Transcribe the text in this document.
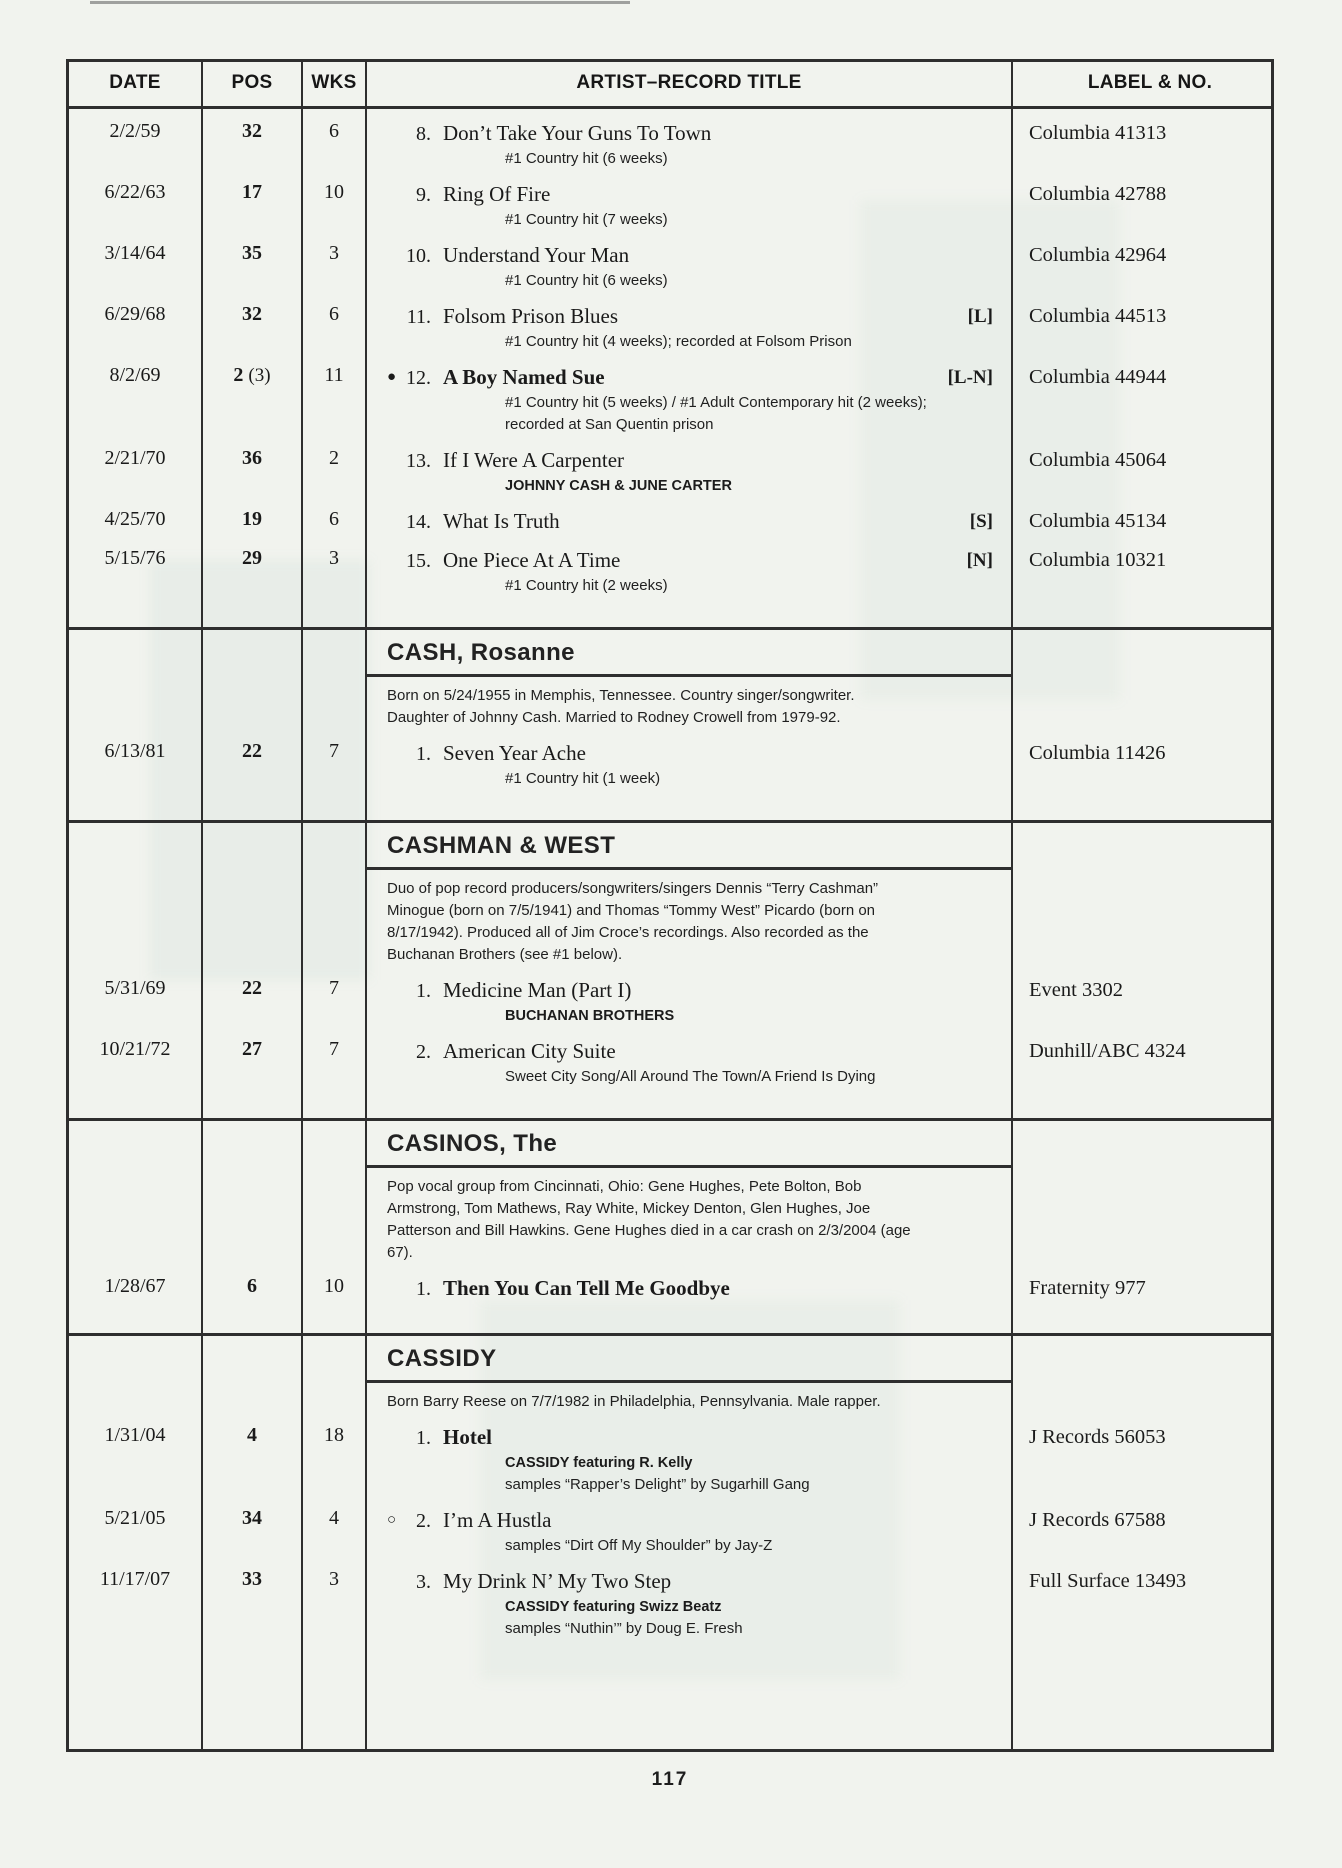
DATE	POS	WKS	ARTIST–RECORD TITLE	LABEL & NO.
2/2/59	32	6	8. Don’t Take Your Guns To Town
#1 Country hit (6 weeks)
Columbia 41313
6/22/63	17	10	9. Ring Of Fire
#1 Country hit (7 weeks)
Columbia 42788
3/14/64	35	3	10. Understand Your Man
#1 Country hit (6 weeks)
Columbia 42964
6/29/68	32	6	11. Folsom Prison Blues	[L]
#1 Country hit (4 weeks); recorded at Folsom Prison
Columbia 44513
8/2/69	2 (3)	11	● 12. A Boy Named Sue	[L-N]
#1 Country hit (5 weeks) / #1 Adult Contemporary hit (2 weeks);
recorded at San Quentin prison
Columbia 44944
2/21/70	36	2	13. If I Were A Carpenter
JOHNNY CASH & JUNE CARTER
Columbia 45064
4/25/70	19	6	14. What Is Truth	[S]	Columbia 45134
5/15/76	29	3	15. One Piece At A Time	[N]
#1 Country hit (2 weeks)
Columbia 10321
CASH, Rosanne
Born on 5/24/1955 in Memphis, Tennessee. Country singer/songwriter. Daughter of Johnny Cash. Married to Rodney Crowell from 1979-92.
6/13/81	22	7	1. Seven Year Ache
#1 Country hit (1 week)
Columbia 11426
CASHMAN & WEST
Duo of pop record producers/songwriters/singers Dennis “Terry Cashman” Minogue (born on 7/5/1941) and Thomas “Tommy West” Picardo (born on 8/17/1942). Produced all of Jim Croce’s recordings. Also recorded as the Buchanan Brothers (see #1 below).
5/31/69	22	7	1. Medicine Man (Part I)
BUCHANAN BROTHERS
Event 3302
10/21/72	27	7	2. American City Suite
Sweet City Song/All Around The Town/A Friend Is Dying
Dunhill/ABC 4324
CASINOS, The
Pop vocal group from Cincinnati, Ohio: Gene Hughes, Pete Bolton, Bob Armstrong, Tom Mathews, Ray White, Mickey Denton, Glen Hughes, Joe Patterson and Bill Hawkins. Gene Hughes died in a car crash on 2/3/2004 (age 67).
1/28/67	6	10	1. Then You Can Tell Me Goodbye	Fraternity 977
CASSIDY
Born Barry Reese on 7/7/1982 in Philadelphia, Pennsylvania. Male rapper.
1/31/04	4	18	1. Hotel
CASSIDY featuring R. Kelly
samples “Rapper’s Delight” by Sugarhill Gang
J Records 56053
5/21/05	34	4	○ 2. I’m A Hustla
samples “Dirt Off My Shoulder” by Jay-Z
J Records 67588
11/17/07	33	3	3. My Drink N’ My Two Step
CASSIDY featuring Swizz Beatz
samples “Nuthin’” by Doug E. Fresh
Full Surface 13493
117
